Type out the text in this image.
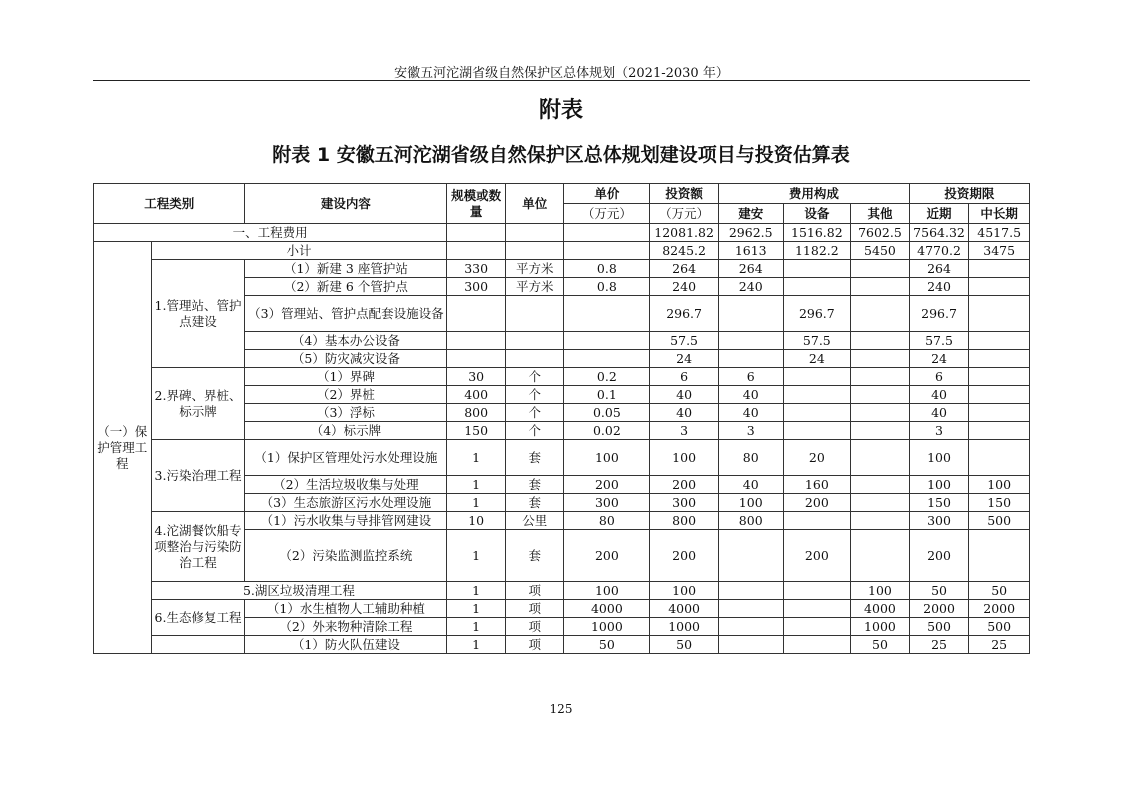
安徽五河沱湖省级自然保护区总体规划（2021-2030 年）
附表
附表 1 安徽五河沱湖省级自然保护区总体规划建设项目与投资估算表
工程类别		建设内容	规模或数量	单位	单价	投资额	费用构成			投资期限	
					（万元）	（万元）	建安	设备	其他	近期	中长期
一、工程费用						12081.82	2962.5	1516.82	7602.5	7564.32	4517.5
（一）保护管理工程	小计					8245.2	1613	1182.2	5450	4770.2	3475
	1.管理站、管护点建设	（1）新建 3 座管护站	330	平方米	0.8	264	264			264	
		（2）新建 6 个管护点	300	平方米	0.8	240	240			240	
		（3）管理站、管护点配套设施设备				296.7		296.7		296.7	
		（4）基本办公设备				57.5		57.5		57.5	
		（5）防灾减灾设备				24		24		24	
	2.界碑、界桩、标示牌	（1）界碑	30	个	0.2	6	6			6	
		（2）界桩	400	个	0.1	40	40			40	
		（3）浮标	800	个	0.05	40	40			40	
		（4）标示牌	150	个	0.02	3	3			3	
	3.污染治理工程	（1）保护区管理处污水处理设施	1	套	100	100	80	20		100	
		（2）生活垃圾收集与处理	1	套	200	200	40	160		100	100
		（3）生态旅游区污水处理设施	1	套	300	300	100	200		150	150
	4.沱湖餐饮船专项整治与污染防治工程	（1）污水收集与导排管网建设	10	公里	80	800	800			300	500
		（2）污染监测监控系统	1	套	200	200		200		200	
	5.湖区垃圾清理工程		1	项	100	100			100	50	50
	6.生态修复工程	（1）水生植物人工辅助种植	1	项	4000	4000			4000	2000	2000
		（2）外来物种清除工程	1	项	1000	1000			1000	500	500
		（1）防火队伍建设	1	项	50	50			50	25	25
125
